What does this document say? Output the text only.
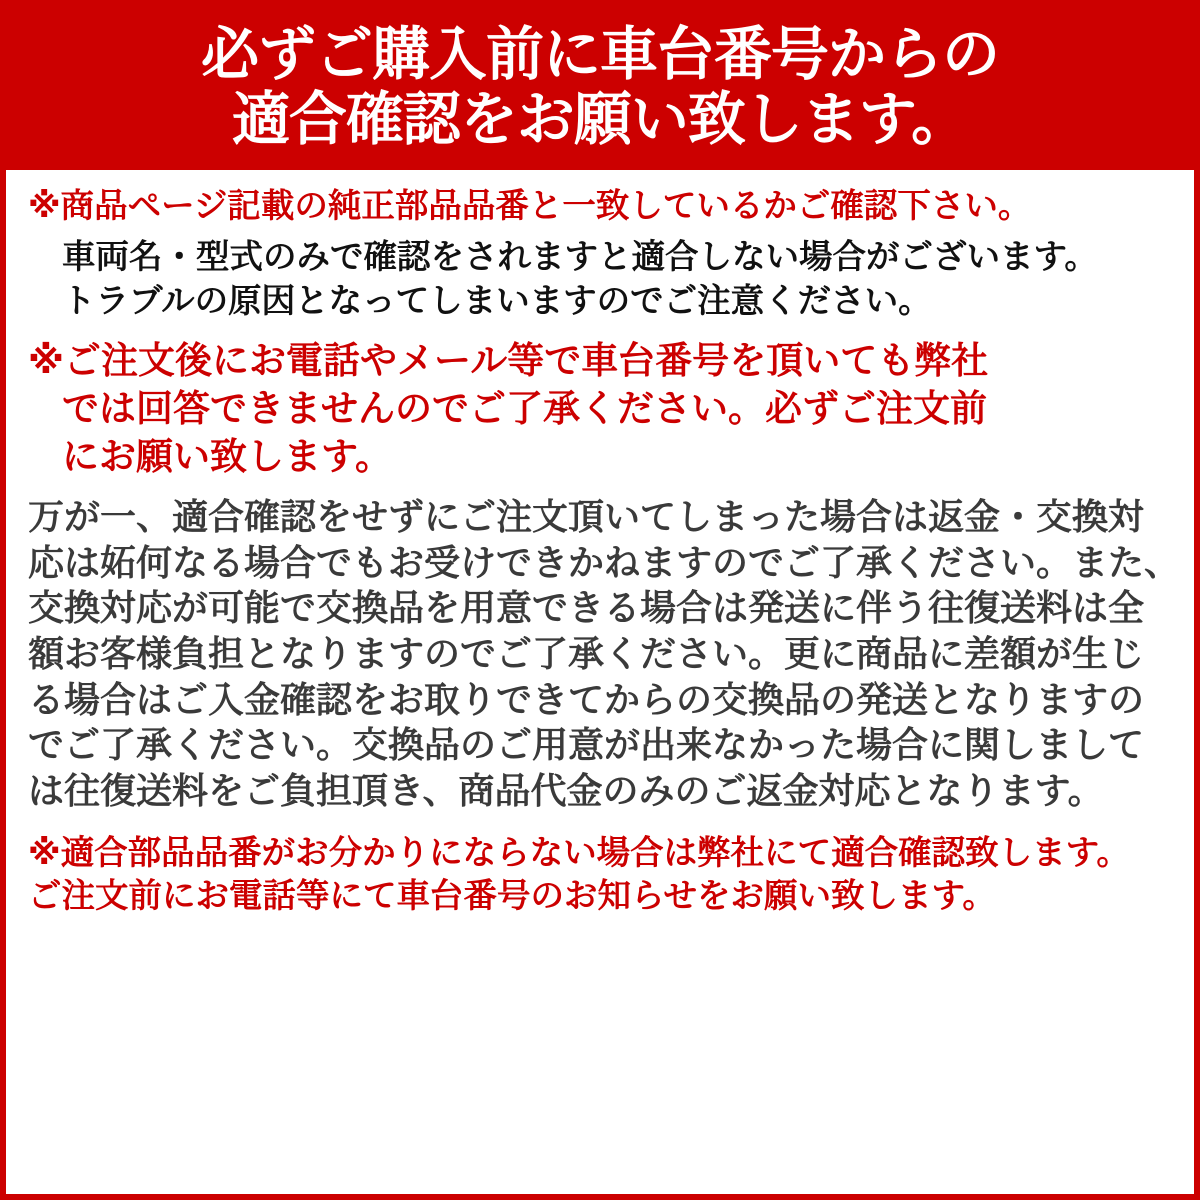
必ずご購入前に車台番号からの
適合確認をお願い致します。
※商品ページ記載の純正部品品番と一致しているかご確認下さい。
車両名・型式のみで確認をされますと適合しない場合がございます。
トラブルの原因となってしまいますのでご注意ください。
※ご注文後にお電話やメール等で車台番号を頂いても弊社
では回答できませんのでご了承ください。必ずご注文前
にお願い致します。
万が一、適合確認をせずにご注文頂いてしまった場合は返金・交換対
応は妬何なる場合でもお受けできかねますのでご了承ください。また、
交換対応が可能で交換品を用意できる場合は発送に伴う往復送料は全
額お客様負担となりますのでご了承ください。更に商品に差額が生じ
る場合はご入金確認をお取りできてからの交換品の発送となりますの
でご了承ください。交換品のご用意が出来なかった場合に関しまして
は往復送料をご負担頂き、商品代金のみのご返金対応となります。
※適合部品品番がお分かりにならない場合は弊社にて適合確認致します。
ご注文前にお電話等にて車台番号のお知らせをお願い致します。
